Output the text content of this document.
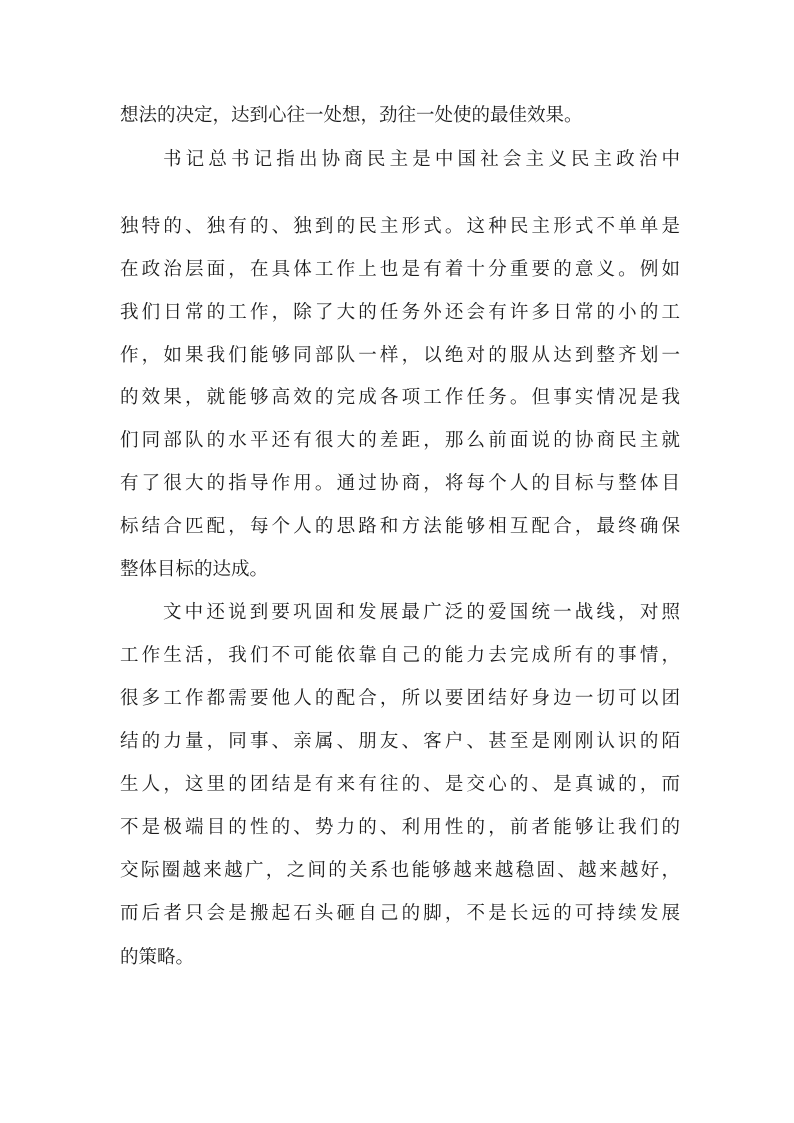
想法的决定，达到心往一处想，劲往一处使的最佳效果。
书记总书记指出协商民主是中国社会主义民主政治中
独特的、独有的、独到的民主形式。这种民主形式不单单是
在政治层面，在具体工作上也是有着十分重要的意义。例如
我们日常的工作，除了大的任务外还会有许多日常的小的工
作，如果我们能够同部队一样，以绝对的服从达到整齐划一
的效果，就能够高效的完成各项工作任务。但事实情况是我
们同部队的水平还有很大的差距，那么前面说的协商民主就
有了很大的指导作用。通过协商，将每个人的目标与整体目
标结合匹配，每个人的思路和方法能够相互配合，最终确保
整体目标的达成。
文中还说到要巩固和发展最广泛的爱国统一战线，对照
工作生活，我们不可能依靠自己的能力去完成所有的事情，
很多工作都需要他人的配合，所以要团结好身边一切可以团
结的力量，同事、亲属、朋友、客户、甚至是刚刚认识的陌
生人，这里的团结是有来有往的、是交心的、是真诚的，而
不是极端目的性的、势力的、利用性的，前者能够让我们的
交际圈越来越广，之间的关系也能够越来越稳固、越来越好，
而后者只会是搬起石头砸自己的脚，不是长远的可持续发展
的策略。
